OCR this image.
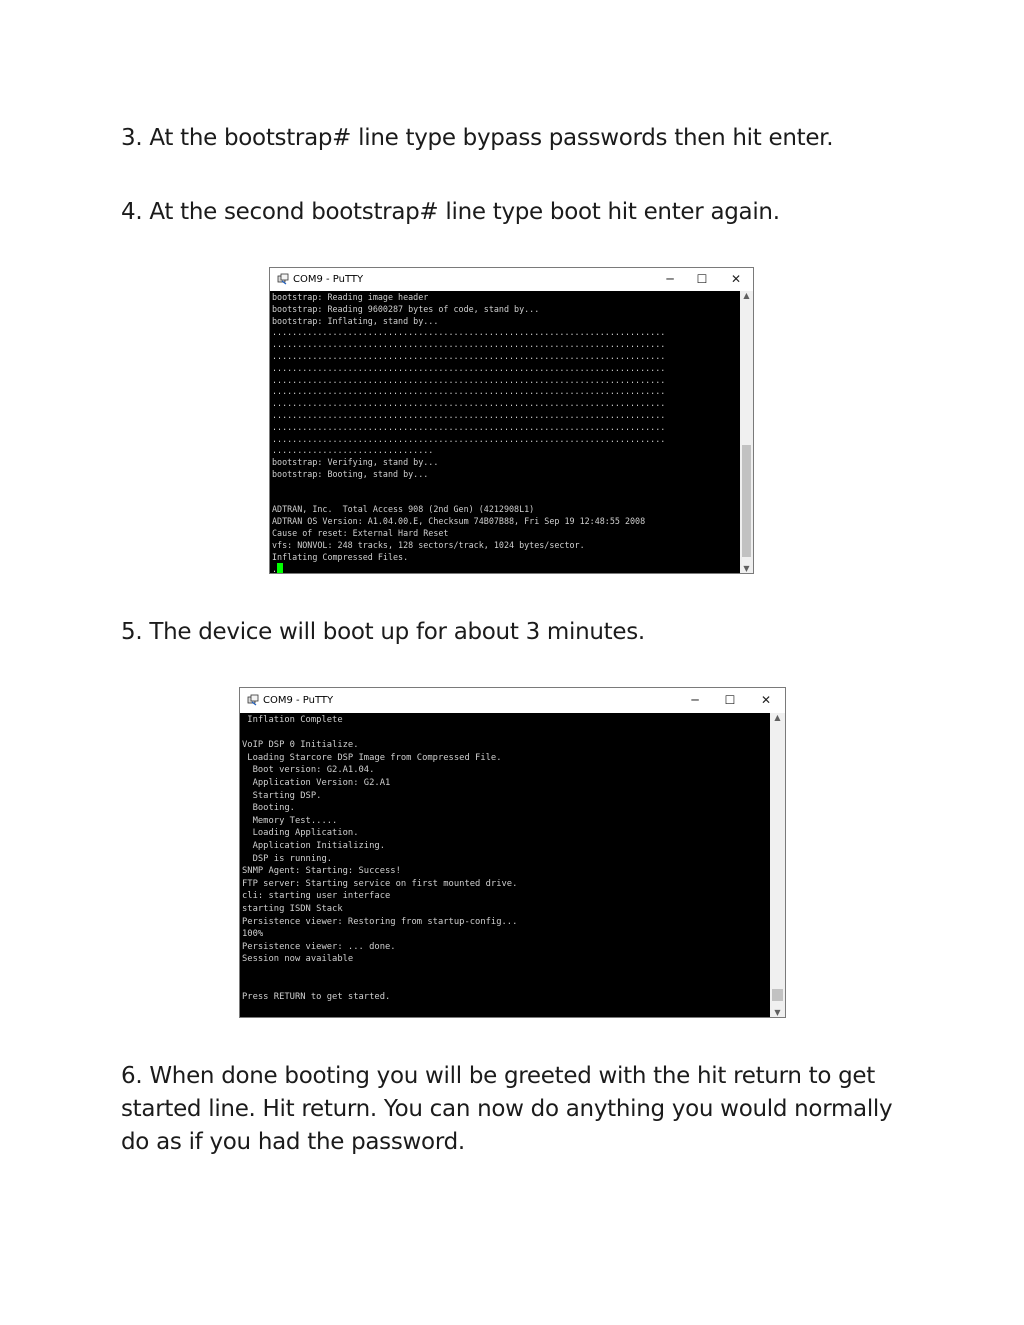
3. At the bootstrap# line type bypass passwords then hit enter.

4. At the second bootstrap# line type boot hit enter again.

COM9 - PuTTY	─	☐	✕
bootstrap: Reading image header
bootstrap: Reading 9600287 bytes of code, stand by...
bootstrap: Inflating, stand by...
..............................................................................
..............................................................................
..............................................................................
..............................................................................
..............................................................................
..............................................................................
..............................................................................
..............................................................................
..............................................................................
..............................................................................
................................
bootstrap: Verifying, stand by...
bootstrap: Booting, stand by...

ADTRAN, Inc.  Total Access 908 (2nd Gen) (4212908L1)
ADTRAN OS Version: A1.04.00.E, Checksum 74B07B88, Fri Sep 19 12:48:55 2008
Cause of reset: External Hard Reset
vfs: NONVOL: 248 tracks, 128 sectors/track, 1024 bytes/sector.
Inflating Compressed Files.
.
▲
▼

5. The device will boot up for about 3 minutes.

COM9 - PuTTY	─	☐	✕
Inflation Complete

VoIP DSP 0 Initialize.
Loading Starcore DSP Image from Compressed File.
Boot version: G2.A1.04.
Application Version: G2.A1
Starting DSP.
Booting.
Memory Test.....
Loading Application.
Application Initializing.
DSP is running.
SNMP Agent: Starting: Success!
FTP server: Starting service on first mounted drive.
cli: starting user interface
starting ISDN Stack
Persistence viewer: Restoring from startup-config...
100%
Persistence viewer: ... done.
Session now available

Press RETURN to get started.
▲
▼

6. When done booting you will be greeted with the hit return to get
started line. Hit return. You can now do anything you would normally
do as if you had the password.
